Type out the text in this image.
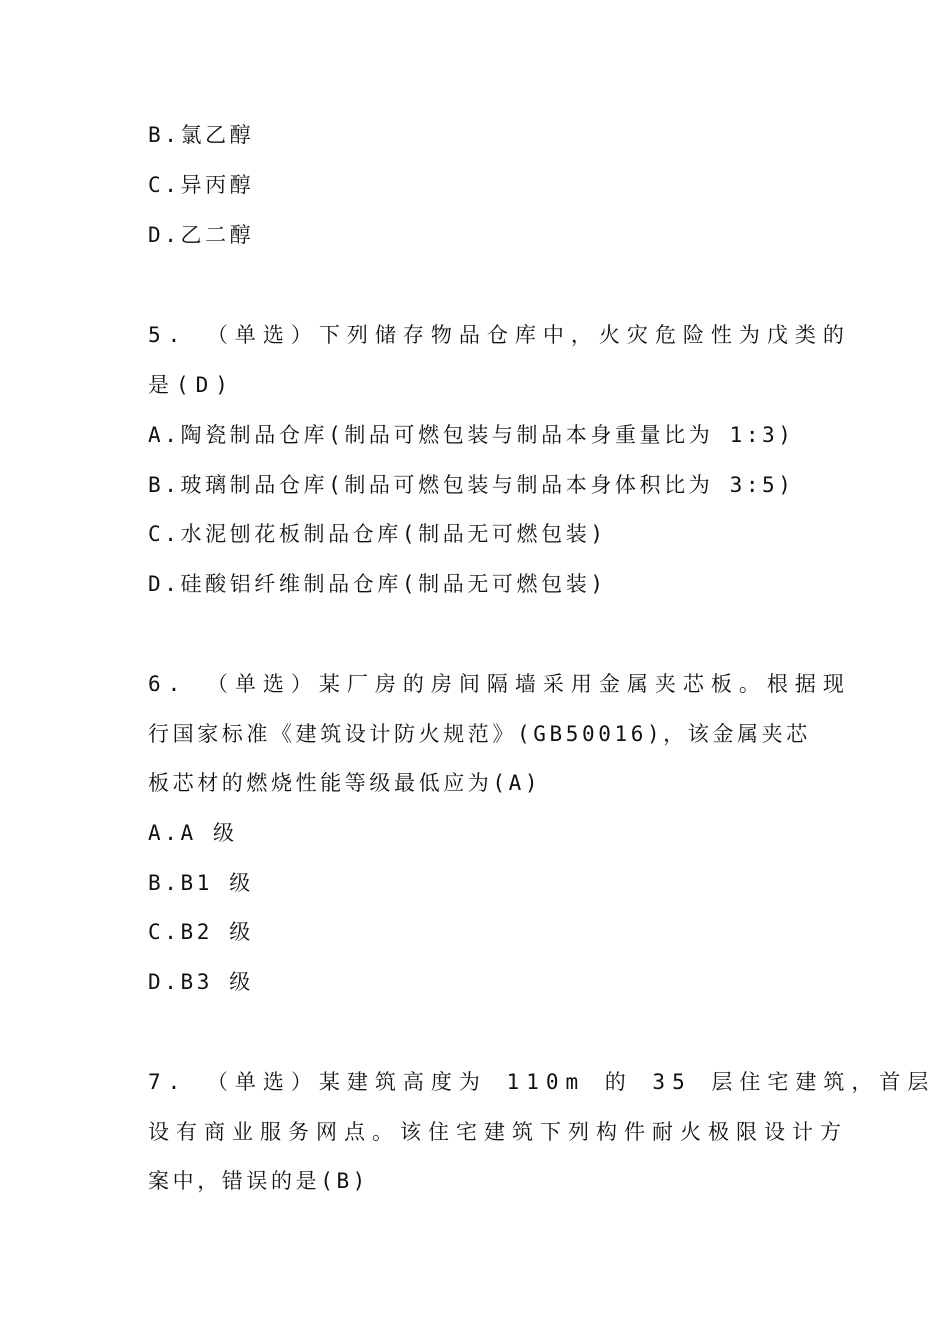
B.氯乙醇
C.异丙醇
D.乙二醇
5. （单选）下列储存物品仓库中，火灾危险性为戊类的
是(D)
A.陶瓷制品仓库(制品可燃包装与制品本身重量比为 1:3)
B.玻璃制品仓库(制品可燃包装与制品本身体积比为 3:5)
C.水泥刨花板制品仓库(制品无可燃包装)
D.硅酸铝纤维制品仓库(制品无可燃包装)
6. （单选）某厂房的房间隔墙采用金属夹芯板。根据现
行国家标准《建筑设计防火规范》(GB50016)，该金属夹芯
板芯材的燃烧性能等级最低应为(A)
A.A 级
B.B1 级
C.B2 级
D.B3 级
7. （单选）某建筑高度为 110m 的 35 层住宅建筑，首层
设有商业服务网点。该住宅建筑下列构件耐火极限设计方
案中，错误的是(B)
